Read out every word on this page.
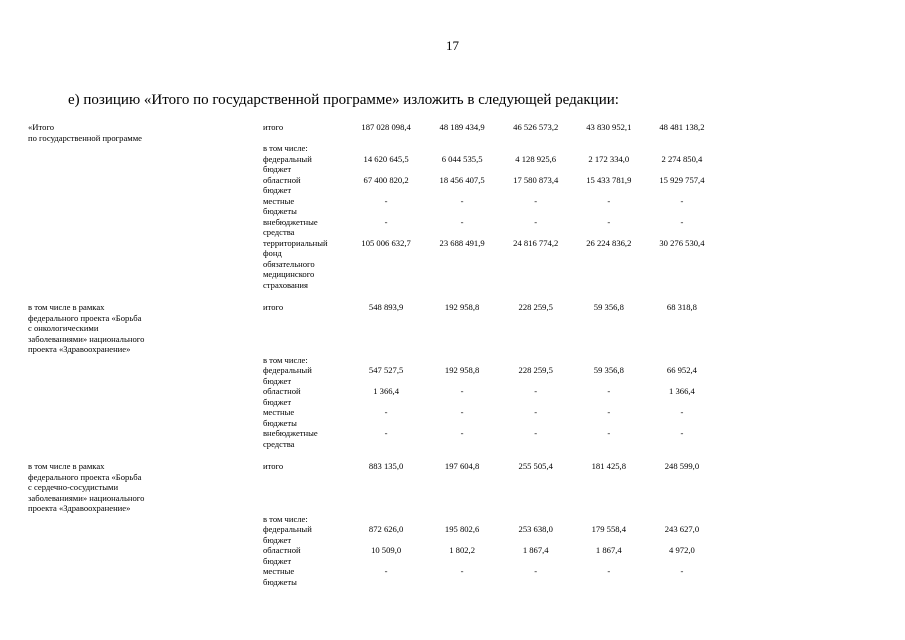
17
е) позицию «Итого по государственной программе» изложить в следующей редакции:
«Итого
по государственной программе
итого	187 028 098,4	48 189 434,9	46 526 573,2	43 830 952,1	48 481 138,2
в том числе:
федеральный
бюджет
14 620 645,5	6 044 535,5	4 128 925,6	2 172 334,0	2 274 850,4
областной
бюджет
67 400 820,2	18 456 407,5	17 580 873,4	15 433 781,9	15 929 757,4
местные
бюджеты
-	-	-	-	-
внебюджетные
средства
-	-	-	-	-
территориальный
фонд
обязательного
медицинского
страхования
105 006 632,7	23 688 491,9	24 816 774,2	26 224 836,2	30 276 530,4
в том числе в рамках
федерального проекта «Борьба
с онкологическими
заболеваниями» национального
проекта «Здравоохранение»
итого	548 893,9	192 958,8	228 259,5	59 356,8	68 318,8
в том числе:
федеральный
бюджет
547 527,5	192 958,8	228 259,5	59 356,8	66 952,4
областной
бюджет
1 366,4	-	-	-	1 366,4
местные
бюджеты
-	-	-	-	-
внебюджетные
средства
-	-	-	-	-
в том числе в рамках
федерального проекта «Борьба
с сердечно-сосудистыми
заболеваниями» национального
проекта «Здравоохранение»
итого	883 135,0	197 604,8	255 505,4	181 425,8	248 599,0
в том числе:
федеральный
бюджет
872 626,0	195 802,6	253 638,0	179 558,4	243 627,0
областной
бюджет
10 509,0	1 802,2	1 867,4	1 867,4	4 972,0
местные
бюджеты
-	-	-	-	-
